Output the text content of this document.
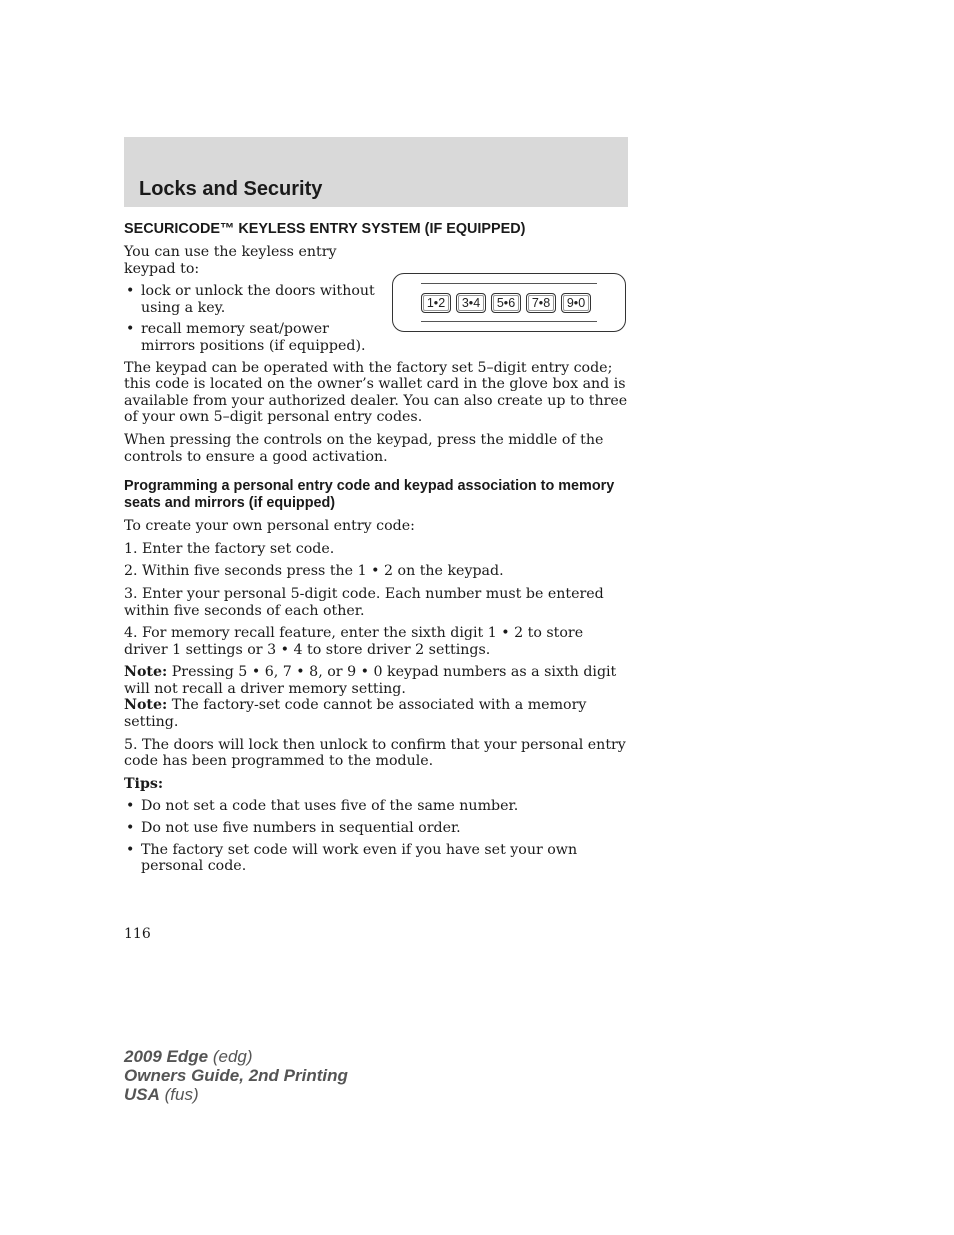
Locks and Security
SECURICODE™ KEYLESS ENTRY SYSTEM (IF EQUIPPED)

You can use the keyless entry keypad to:

• lock or unlock the doors without using a key.
• recall memory seat/power mirrors positions (if equipped).
1•2	3•4	5•6	7•8	9•0

The keypad can be operated with the factory set 5–digit entry code; this code is located on the owner’s wallet card in the glove box and is available from your authorized dealer. You can also create up to three of your own 5–digit personal entry codes.

When pressing the controls on the keypad, press the middle of the controls to ensure a good activation.

Programming a personal entry code and keypad association to memory seats and mirrors (if equipped)

To create your own personal entry code:

1. Enter the factory set code.

2. Within five seconds press the 1 • 2 on the keypad.

3. Enter your personal 5-digit code. Each number must be entered within five seconds of each other.

4. For memory recall feature, enter the sixth digit 1 • 2 to store driver 1 settings or 3 • 4 to store driver 2 settings.

Note: Pressing 5 • 6, 7 • 8, or 9 • 0 keypad numbers as a sixth digit will not recall a driver memory setting.

Note: The factory-set code cannot be associated with a memory setting.

5. The doors will lock then unlock to confirm that your personal entry code has been programmed to the module.

Tips:

• Do not set a code that uses five of the same number.
• Do not use five numbers in sequential order.
• The factory set code will work even if you have set your own personal code.
116
2009 Edge (edg)
Owners Guide, 2nd Printing
USA (fus)
